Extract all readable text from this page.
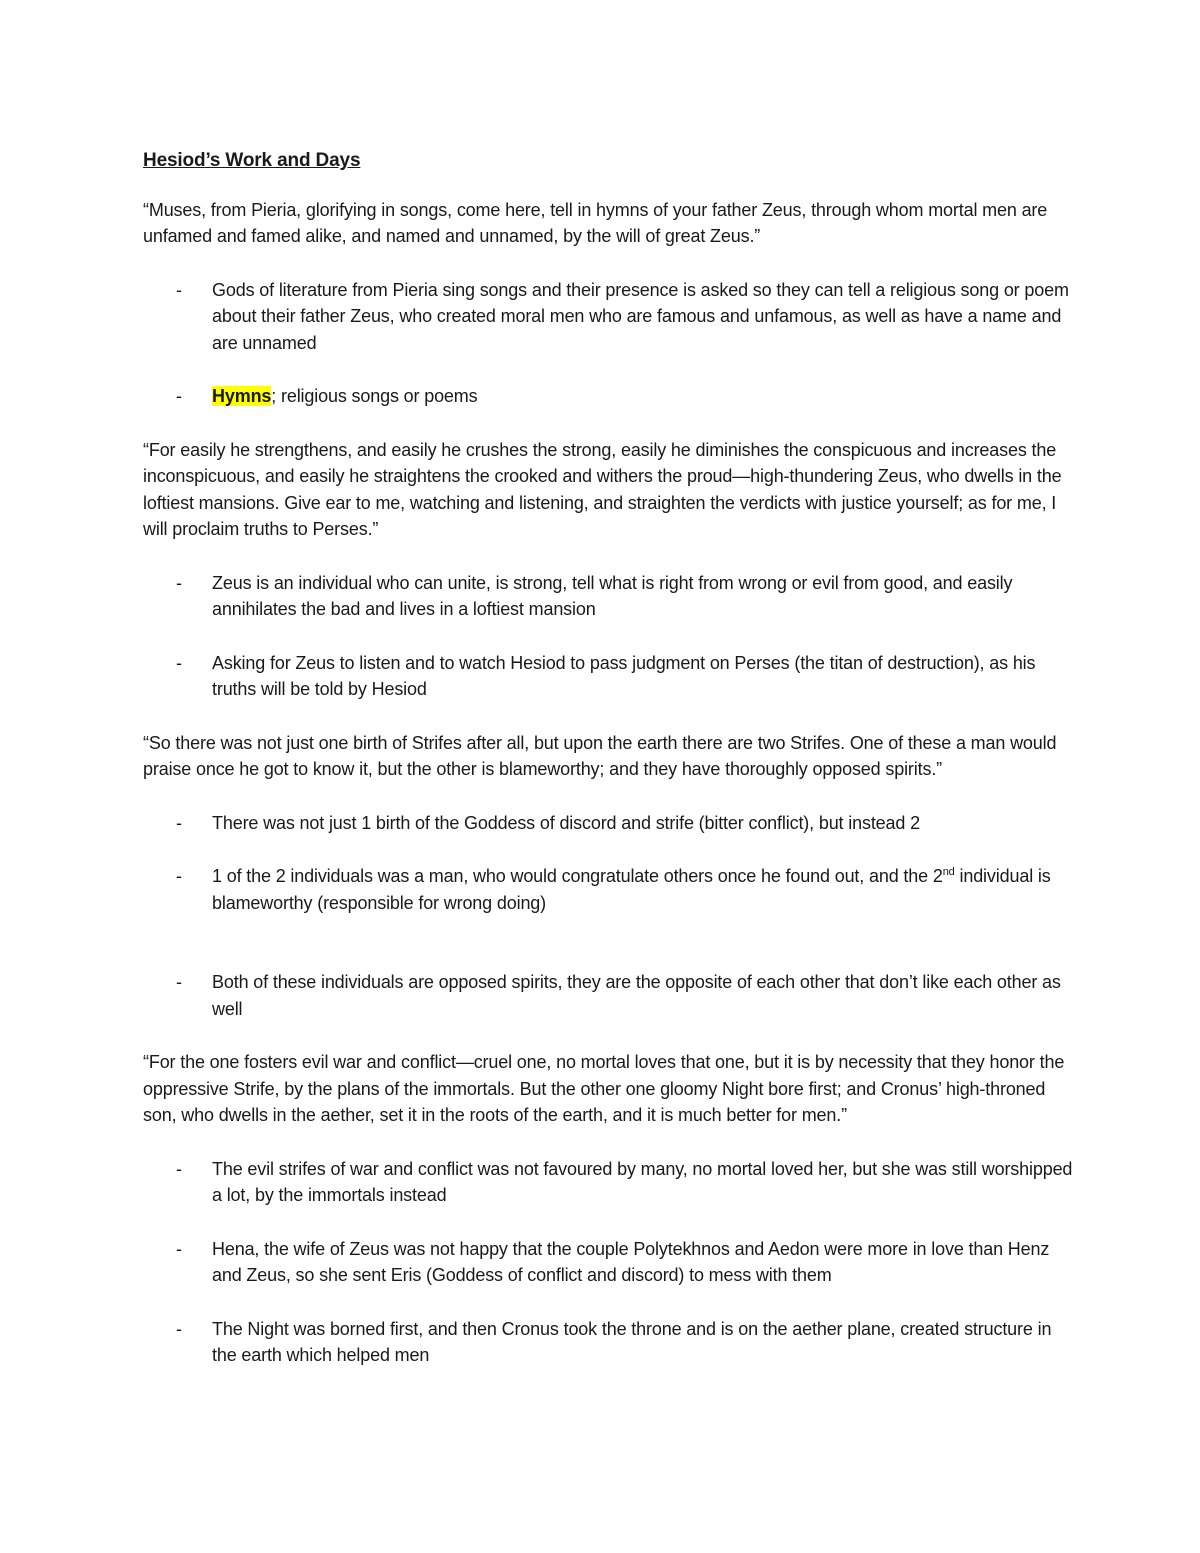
Hesiod’s Work and Days

“Muses, from Pieria, glorifying in songs, come here, tell in hymns of your father Zeus, through whom mortal men are unfamed and famed alike, and named and unnamed, by the will of great Zeus.”

- Gods of literature from Pieria sing songs and their presence is asked so they can tell a religious song or poem about their father Zeus, who created moral men who are famous and unfamous, as well as have a name and are unnamed
- Hymns; religious songs or poems

“For easily he strengthens, and easily he crushes the strong, easily he diminishes the conspicuous and increases the inconspicuous, and easily he straightens the crooked and withers the proud—high-thundering Zeus, who dwells in the loftiest mansions. Give ear to me, watching and listening, and straighten the verdicts with justice yourself; as for me, I will proclaim truths to Perses.”

- Zeus is an individual who can unite, is strong, tell what is right from wrong or evil from good, and easily annihilates the bad and lives in a loftiest mansion
- Asking for Zeus to listen and to watch Hesiod to pass judgment on Perses (the titan of destruction), as his truths will be told by Hesiod

“So there was not just one birth of Strifes after all, but upon the earth there are two Strifes. One of these a man would praise once he got to know it, but the other is blameworthy; and they have thoroughly opposed spirits.”

- There was not just 1 birth of the Goddess of discord and strife (bitter conflict), but instead 2
- 1 of the 2 individuals was a man, who would congratulate others once he found out, and the 2nd individual is blameworthy (responsible for wrong doing)
- Both of these individuals are opposed spirits, they are the opposite of each other that don’t like each other as well

“For the one fosters evil war and conflict—cruel one, no mortal loves that one, but it is by necessity that they honor the oppressive Strife, by the plans of the immortals. But the other one gloomy Night bore first; and Cronus’ high-throned son, who dwells in the aether, set it in the roots of the earth, and it is much better for men.”

- The evil strifes of war and conflict was not favoured by many, no mortal loved her, but she was still worshipped a lot, by the immortals instead
- Hena, the wife of Zeus was not happy that the couple Polytekhnos and Aedon were more in love than Henz and Zeus, so she sent Eris (Goddess of conflict and discord) to mess with them
- The Night was borned first, and then Cronus took the throne and is on the aether plane, created structure in the earth which helped men
